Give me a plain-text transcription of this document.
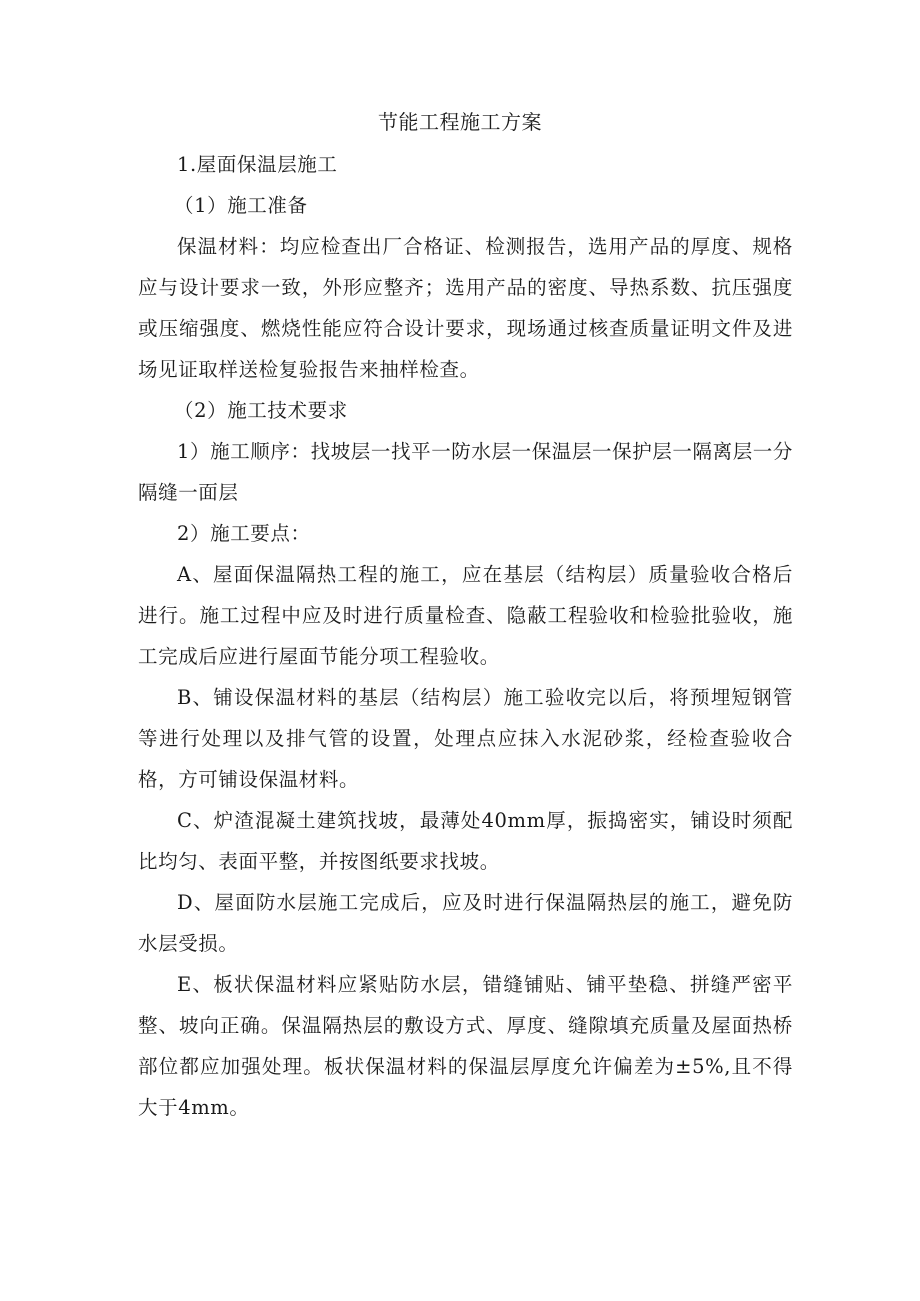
节能工程施工方案

1.屋面保温层施工

（1）施工准备

保温材料：均应检查出厂合格证、检测报告，选用产品的厚度、规格应与设计要求一致，外形应整齐；选用产品的密度、导热系数、抗压强度或压缩强度、燃烧性能应符合设计要求，现场通过核查质量证明文件及进场见证取样送检复验报告来抽样检查。

（2）施工技术要求

1）施工顺序：找坡层一找平一防水层一保温层一保护层一隔离层一分隔缝一面层

2）施工要点：

A、屋面保温隔热工程的施工，应在基层（结构层）质量验收合格后进行。施工过程中应及时进行质量检查、隐蔽工程验收和检验批验收，施工完成后应进行屋面节能分项工程验收。

B、铺设保温材料的基层（结构层）施工验收完以后，将预埋短钢管等进行处理以及排气管的设置，处理点应抹入水泥砂浆，经检查验收合格，方可铺设保温材料。

C、炉渣混凝土建筑找坡，最薄处40mm厚，振捣密实，铺设时须配比均匀、表面平整，并按图纸要求找坡。

D、屋面防水层施工完成后，应及时进行保温隔热层的施工，避免防水层受损。

E、板状保温材料应紧贴防水层，错缝铺贴、铺平垫稳、拼缝严密平整、坡向正确。保温隔热层的敷设方式、厚度、缝隙填充质量及屋面热桥部位都应加强处理。板状保温材料的保温层厚度允许偏差为±5%,且不得大于4mm。
